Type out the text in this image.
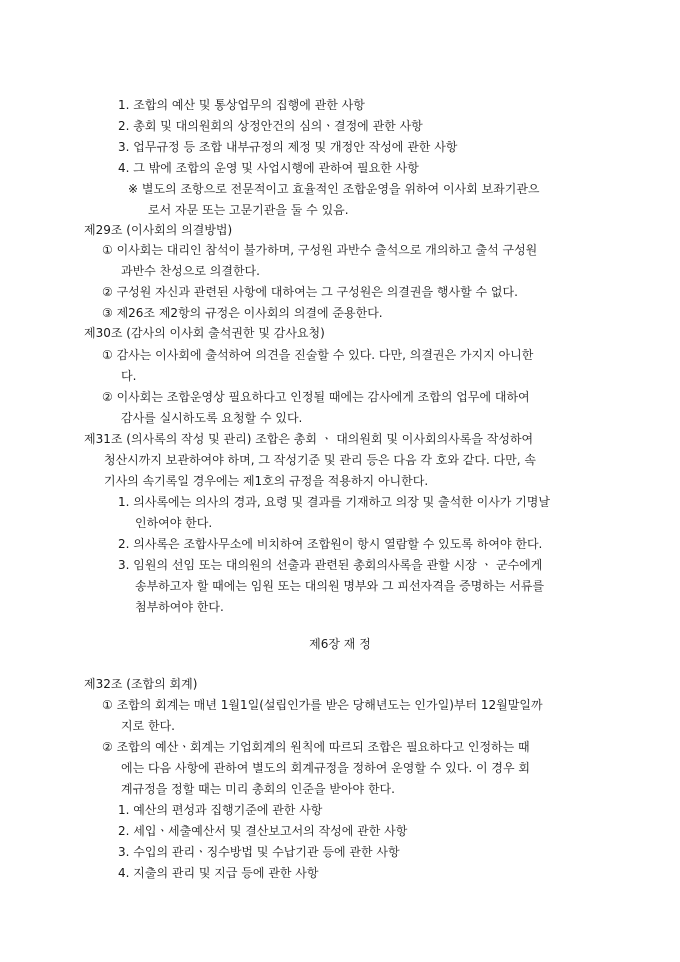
1. 조합의 예산 및 통상업무의 집행에 관한 사항
2. 총회 및 대의원회의 상정안건의 심의ㆍ결정에 관한 사항
3. 업무규정 등 조합 내부규정의 제정 및 개정안 작성에 관한 사항
4. 그 밖에 조합의 운영 및 사업시행에 관하여 필요한 사항
※ 별도의 조항으로 전문적이고 효율적인 조합운영을 위하여 이사회 보좌기관으
로서 자문 또는 고문기관을 둘 수 있음.
제29조 (이사회의 의결방법)
① 이사회는 대리인 참석이 불가하며, 구성원 과반수 출석으로 개의하고 출석 구성원
과반수 찬성으로 의결한다.
② 구성원 자신과 관련된 사항에 대하여는 그 구성원은 의결권을 행사할 수 없다.
③ 제26조 제2항의 규정은 이사회의 의결에 준용한다.
제30조 (감사의 이사회 출석권한 및 감사요청)
① 감사는 이사회에 출석하여 의견을 진술할 수 있다. 다만, 의결권은 가지지 아니한
다.
② 이사회는 조합운영상 필요하다고 인정될 때에는 감사에게 조합의 업무에 대하여
감사를 실시하도록 요청할 수 있다.
제31조 (의사록의 작성 및 관리) 조합은 총회 ㆍ 대의원회 및 이사회의사록을 작성하여
청산시까지 보관하여야 하며, 그 작성기준 및 관리 등은 다음 각 호와 같다. 다만, 속
기사의 속기록일 경우에는 제1호의 규정을 적용하지 아니한다.
1. 의사록에는 의사의 경과, 요령 및 결과를 기재하고 의장 및 출석한 이사가 기명날
인하여야 한다.
2. 의사록은 조합사무소에 비치하여 조합원이 항시 열람할 수 있도록 하여야 한다.
3. 임원의 선임 또는 대의원의 선출과 관련된 총회의사록을 관할 시장 ㆍ 군수에게
송부하고자 할 때에는 임원 또는 대의원 명부와 그 피선자격을 증명하는 서류를
첨부하여야 한다.
제6장 재 정
제32조 (조합의 회계)
① 조합의 회계는 매년 1월1일(설립인가를 받은 당해년도는 인가일)부터 12월말일까
지로 한다.
② 조합의 예산ㆍ회계는 기업회계의 원칙에 따르되 조합은 필요하다고 인정하는 때
에는 다음 사항에 관하여 별도의 회계규정을 정하여 운영할 수 있다. 이 경우 회
계규정을 정할 때는 미리 총회의 인준을 받아야 한다.
1. 예산의 편성과 집행기준에 관한 사항
2. 세입ㆍ세출예산서 및 결산보고서의 작성에 관한 사항
3. 수입의 관리ㆍ징수방법 및 수납기관 등에 관한 사항
4. 지출의 관리 및 지급 등에 관한 사항
